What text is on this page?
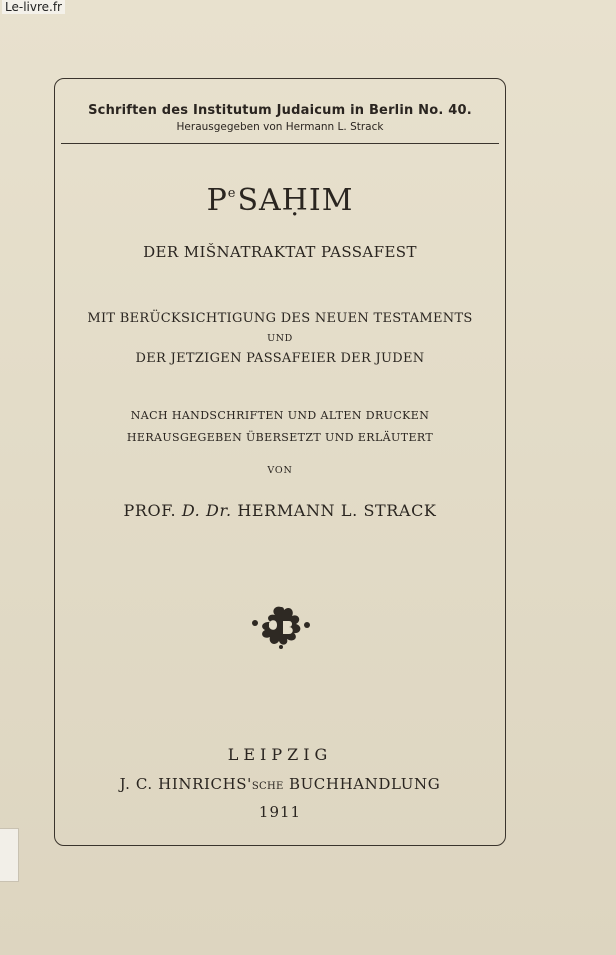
Le-livre.fr
Schriften des Institutum Judaicum in Berlin No. 40.
Herausgegeben von Hermann L. Strack
$P^eSAḤIM$
DER MIŠNATRAKTAT PASSAFEST
MIT BERÜCKSICHTIGUNG DES NEUEN TESTAMENTS
UND
DER JETZIGEN PASSAFEIER DER JUDEN
NACH HANDSCHRIFTEN UND ALTEN DRUCKEN
HERAUSGEGEBEN ÜBERSETZT UND ERLÄUTERT
VON
PROF. D. Dr. HERMANN L. STRACK
LEIPZIG
J. C. HINRICHS'SCHE BUCHHANDLUNG
1911
